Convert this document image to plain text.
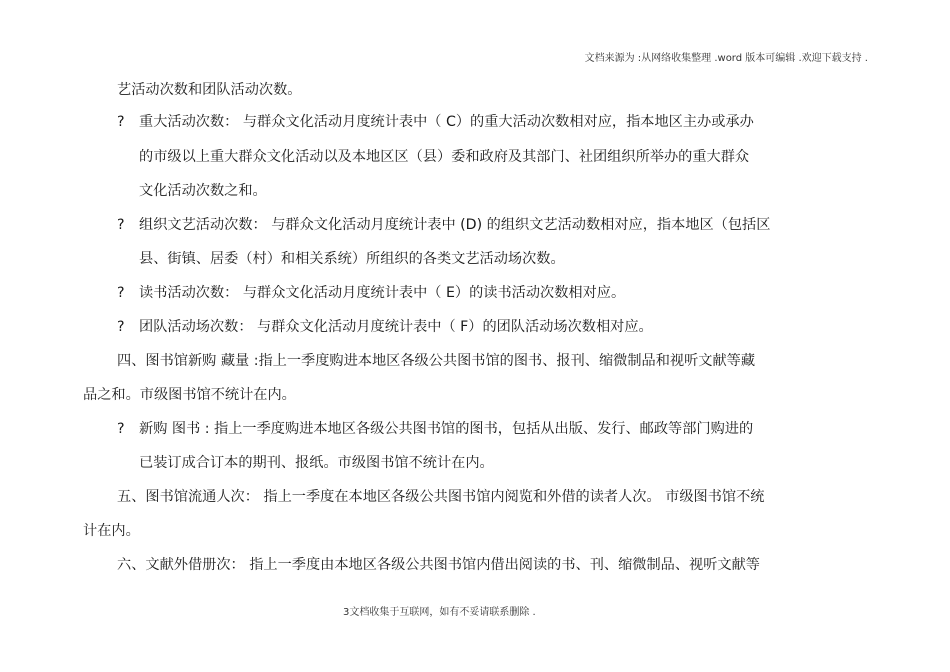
文档来源为 :从网络收集整理 .word 版本可编辑 .欢迎下载支持 .
艺活动次数和团队活动次数。
? 重大活动次数： 与群众文化活动月度统计表中（ C）的重大活动次数相对应，指本地区主办或承办
的市级以上重大群众文化活动以及本地区区（县）委和政府及其部门、社团组织所举办的重大群众
文化活动次数之和。
? 组织文艺活动次数： 与群众文化活动月度统计表中 (D) 的组织文艺活动数相对应，指本地区（包括区
县、街镇、居委（村）和相关系统）所组织的各类文艺活动场次数。
? 读书活动次数： 与群众文化活动月度统计表中（ E）的读书活动次数相对应。
? 团队活动场次数： 与群众文化活动月度统计表中（ F）的团队活动场次数相对应。
四、图书馆新购 藏量 :指上一季度购进本地区各级公共图书馆的图书、报刊、缩微制品和视听文献等藏
品之和。市级图书馆不统计在内。
? 新购 图书 : 指上一季度购进本地区各级公共图书馆的图书，包括从出版、发行、邮政等部门购进的
已装订成合订本的期刊、报纸。市级图书馆不统计在内。
五、图书馆流通人次： 指上一季度在本地区各级公共图书馆内阅览和外借的读者人次。 市级图书馆不统
计在内。
六、文献外借册次： 指上一季度由本地区各级公共图书馆内借出阅读的书、刊、缩微制品、视听文献等
3文档收集于互联网，如有不妥请联系删除 .
